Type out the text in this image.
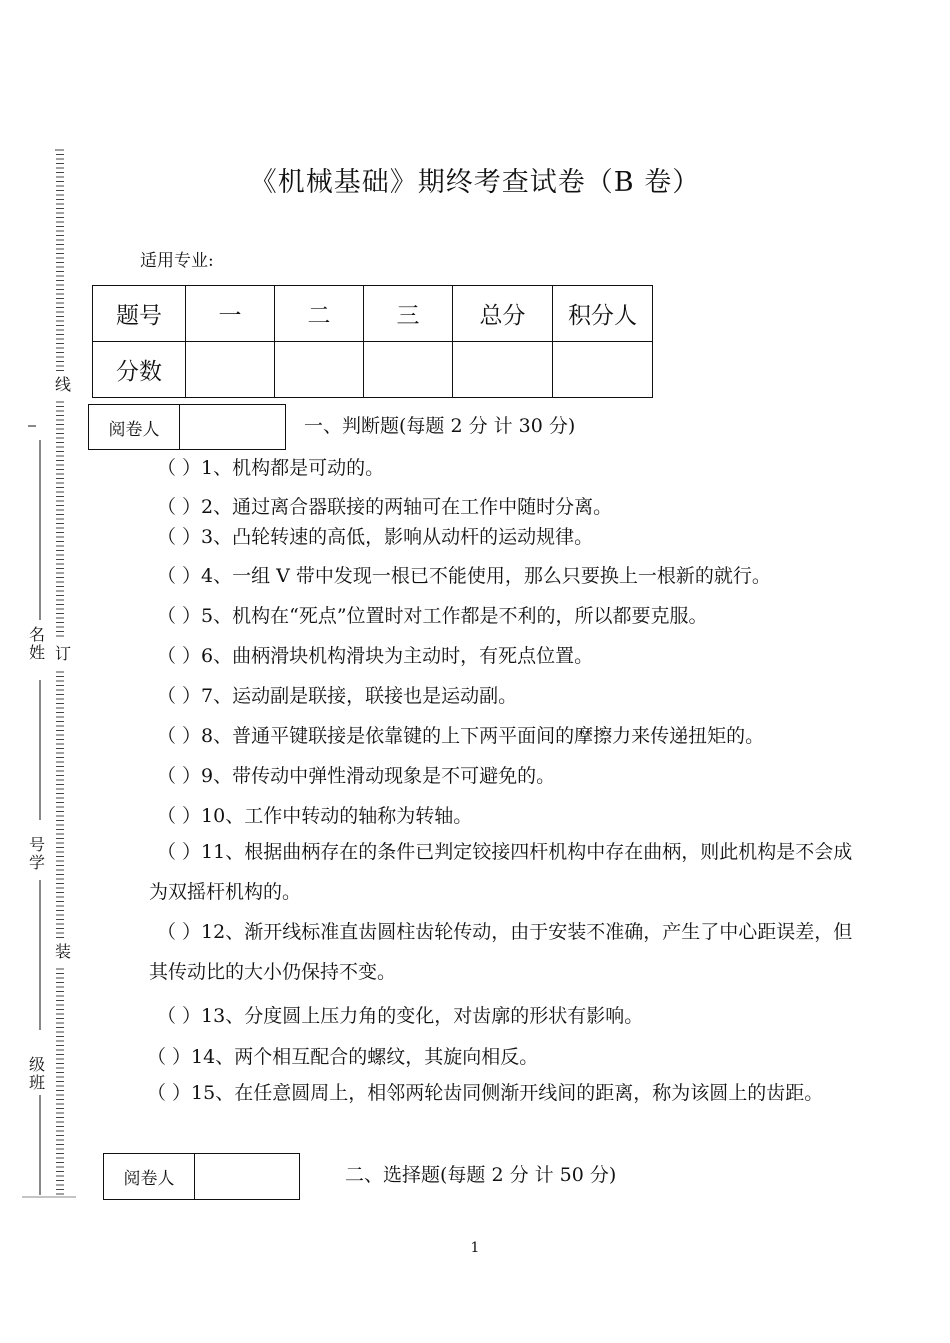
线
订
装
名
姓
号
学
级
班
《机械基础》期终考查试卷（B 卷）
适用专业:
题号	一	二	三	总分	积分人
分数					
阅卷人	一、判断题(每题 2 分 计 30 分)
（ ）1、机构都是可动的。
（ ）2、通过离合器联接的两轴可在工作中随时分离。
（ ）3、凸轮转速的高低，影响从动杆的运动规律。
（ ）4、一组 V 带中发现一根已不能使用，那么只要换上一根新的就行。
（ ）5、机构在“死点”位置时对工作都是不利的，所以都要克服。
（ ）6、曲柄滑块机构滑块为主动时，有死点位置。
（ ）7、运动副是联接，联接也是运动副。
（ ）8、普通平键联接是依靠键的上下两平面间的摩擦力来传递扭矩的。
（ ）9、带传动中弹性滑动现象是不可避免的。
（ ）10、工作中转动的轴称为转轴。
（ ）11、根据曲柄存在的条件已判定铰接四杆机构中存在曲柄，则此机构是不会成为双摇杆机构的。
（ ）12、渐开线标准直齿圆柱齿轮传动，由于安装不准确，产生了中心距误差，但其传动比的大小仍保持不变。
（ ）13、分度圆上压力角的变化，对齿廓的形状有影响。
（ ）14、两个相互配合的螺纹，其旋向相反。
（ ）15、在任意圆周上，相邻两轮齿同侧渐开线间的距离，称为该圆上的齿距。
阅卷人	二、选择题(每题 2 分 计 50 分)
1
